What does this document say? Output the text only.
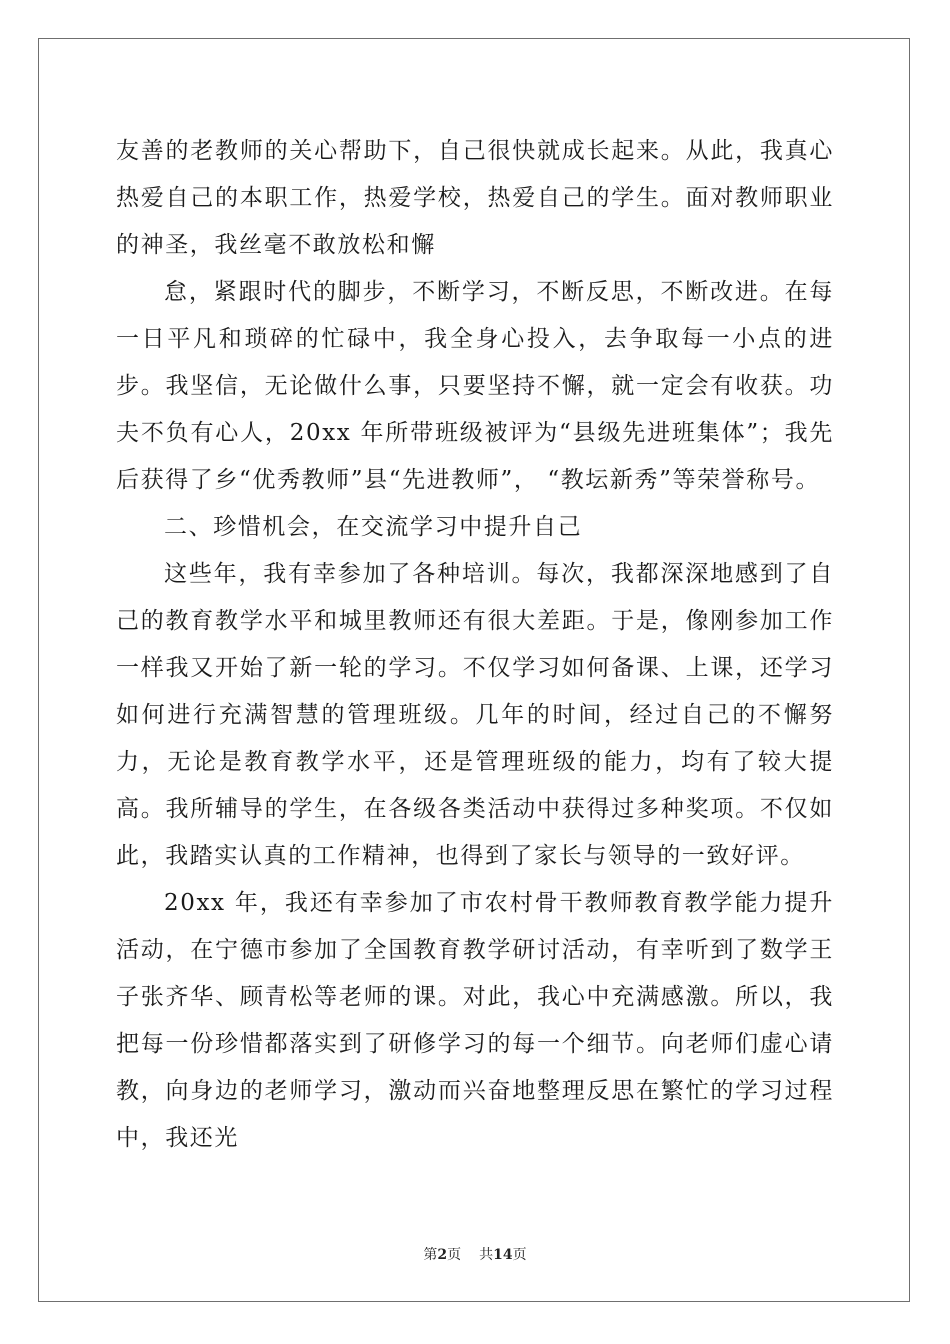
友善的老教师的关心帮助下，自己很快就成长起来。从此，我真心热爱自己的本职工作，热爱学校，热爱自己的学生。面对教师职业的神圣，我丝毫不敢放松和懈

怠，紧跟时代的脚步，不断学习，不断反思，不断改进。在每一日平凡和琐碎的忙碌中，我全身心投入，去争取每一小点的进步。我坚信，无论做什么事，只要坚持不懈，就一定会有收获。功夫不负有心人，20xx 年所带班级被评为“县级先进班集体”；我先后获得了乡“优秀教师”县“先进教师”， “教坛新秀”等荣誉称号。

二、珍惜机会，在交流学习中提升自己

这些年，我有幸参加了各种培训。每次，我都深深地感到了自己的教育教学水平和城里教师还有很大差距。于是，像刚参加工作一样我又开始了新一轮的学习。不仅学习如何备课、上课，还学习如何进行充满智慧的管理班级。几年的时间，经过自己的不懈努力，无论是教育教学水平，还是管理班级的能力，均有了较大提高。我所辅导的学生，在各级各类活动中获得过多种奖项。不仅如此，我踏实认真的工作精神，也得到了家长与领导的一致好评。

20xx 年，我还有幸参加了市农村骨干教师教育教学能力提升活动，在宁德市参加了全国教育教学研讨活动，有幸听到了数学王子张齐华、顾青松等老师的课。对此，我心中充满感激。所以，我把每一份珍惜都落实到了研修学习的每一个细节。向老师们虚心请教，向身边的老师学习，激动而兴奋地整理反思在繁忙的学习过程中，我还光

第2页 共14页
